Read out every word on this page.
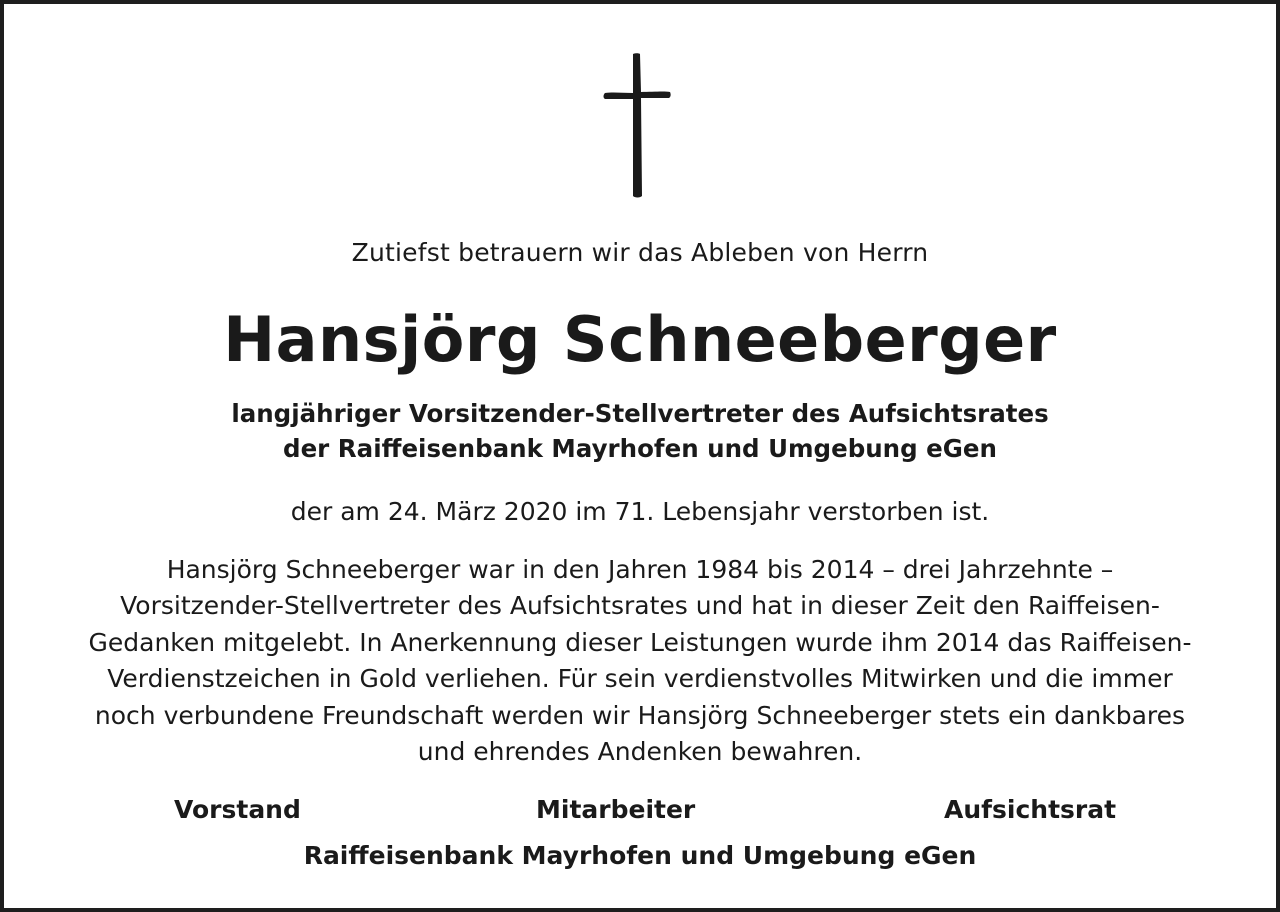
Zutiefst betrauern wir das Ableben von Herrn

Hansjörg Schneeberger
langjähriger Vorsitzender-Stellvertreter des Aufsichtsrates
der Raiffeisenbank Mayrhofen und Umgebung eGen

der am 24. März 2020 im 71. Lebensjahr verstorben ist.

Hansjörg Schneeberger war in den Jahren 1984 bis 2014 – drei Jahrzehnte –
Vorsitzender-Stellvertreter des Aufsichtsrates und hat in dieser Zeit den Raiffeisen-
Gedanken mitgelebt. In Anerkennung dieser Leistungen wurde ihm 2014 das Raiffeisen-
Verdienstzeichen in Gold verliehen. Für sein verdienstvolles Mitwirken und die immer
noch verbundene Freundschaft werden wir Hansjörg Schneeberger stets ein dankbares
und ehrendes Andenken bewahren.

Vorstand	Mitarbeiter	Aufsichtsrat
Raiffeisenbank Mayrhofen und Umgebung eGen
